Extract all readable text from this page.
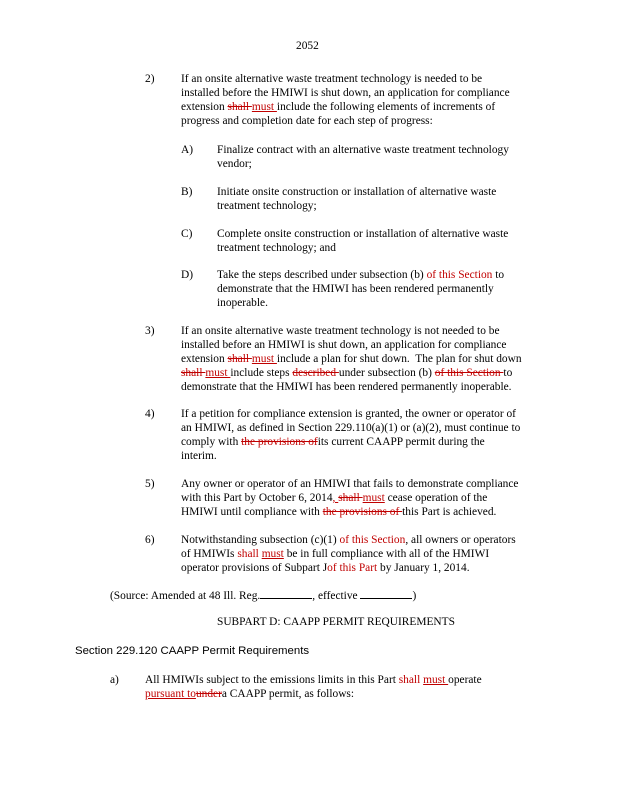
2052
2) If an onsite alternative waste treatment technology is needed to be
installed before the HMIWI is shut down, an application for compliance
extension shall must include the following elements of increments of
progress and completion date for each step of progress:
A) Finalize contract with an alternative waste treatment technology
vendor;
B) Initiate onsite construction or installation of alternative waste
treatment technology;
C) Complete onsite construction or installation of alternative waste
treatment technology; and
D) Take the steps described under subsection (b) of this Section to
demonstrate that the HMIWI has been rendered permanently
inoperable.
3) If an onsite alternative waste treatment technology is not needed to be
installed before an HMIWI is shut down, an application for compliance
extension shall must include a plan for shut down.  The plan for shut down
shall must include steps described under subsection (b) of this Section to
demonstrate that the HMIWI has been rendered permanently inoperable.
4) If a petition for compliance extension is granted, the owner or operator of
an HMIWI, as defined in Section 229.110(a)(1) or (a)(2), must continue to
comply with the provisions ofits current CAAPP permit during the
interim.
5) Any owner or operator of an HMIWI that fails to demonstrate compliance
with this Part by October 6, 2014, shall must cease operation of the
HMIWI until compliance with the provisions of this Part is achieved.
6) Notwithstanding subsection (c)(1) of this Section, all owners or operators
of HMIWIs shall must be in full compliance with all of the HMIWI
operator provisions of Subpart Jof this Part by January 1, 2014.
(Source: Amended at 48 Ill. Reg.	, effective	)
SUBPART D: CAAPP PERMIT REQUIREMENTS
Section 229.120 CAAPP Permit Requirements
a) All HMIWIs subject to the emissions limits in this Part shall must operate
pursuant toundera CAAPP permit, as follows:
